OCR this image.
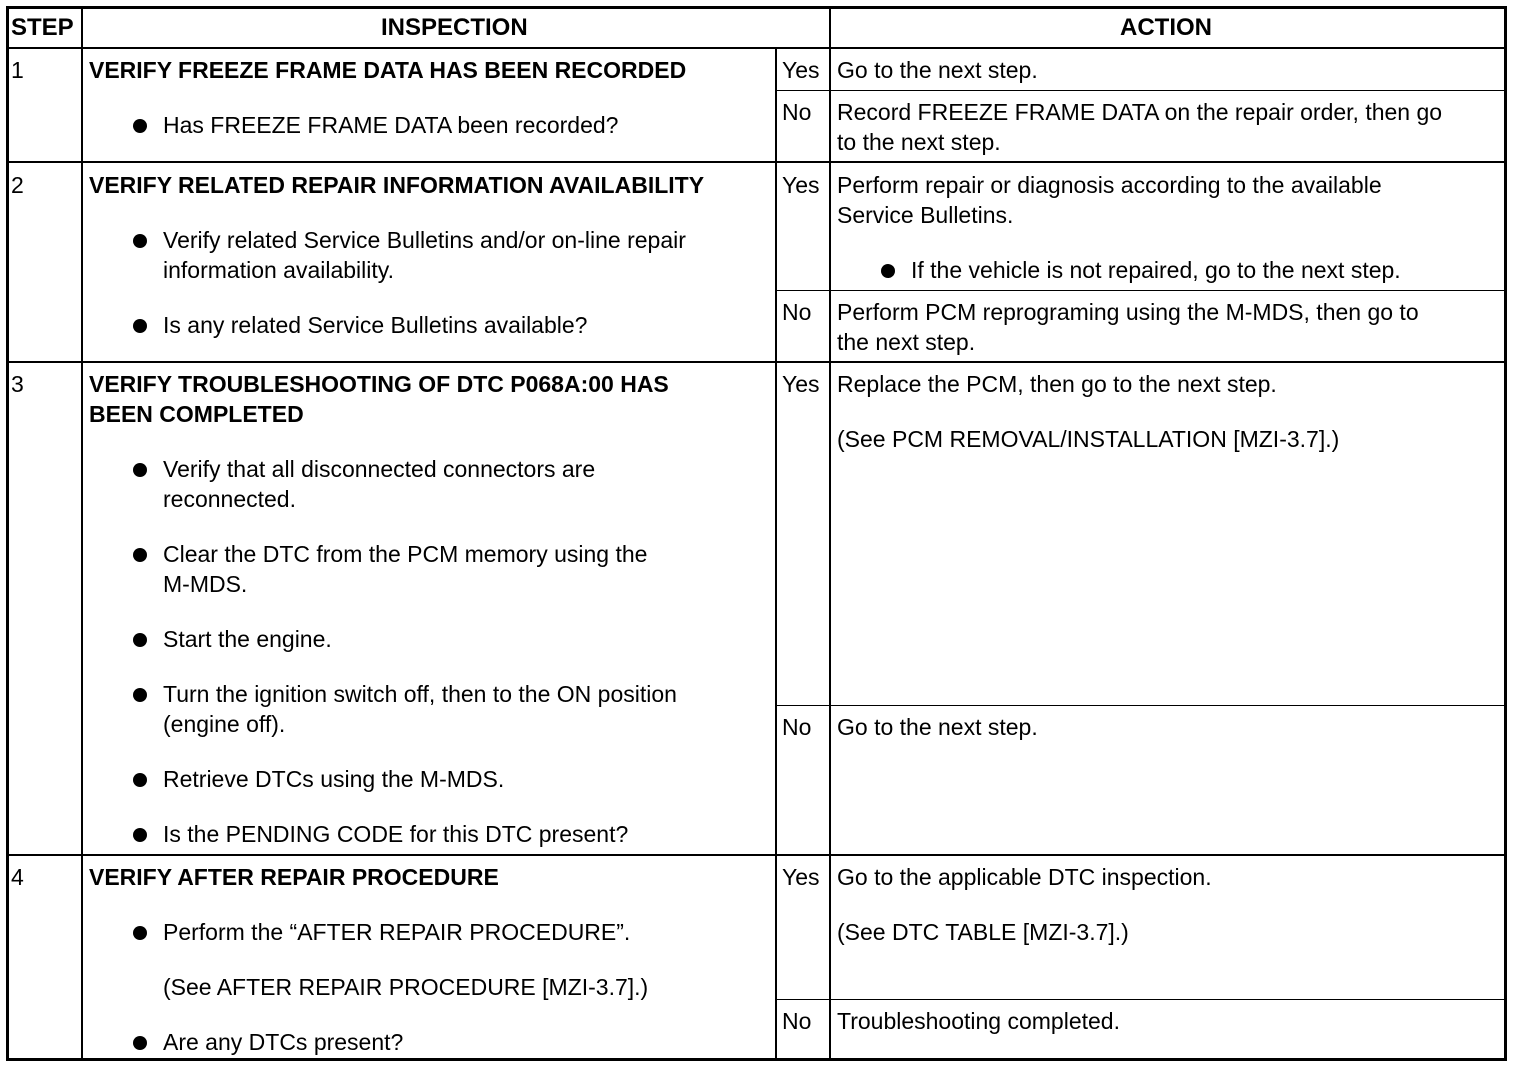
STEP	INSPECTION	ACTION
1	VERIFY FREEZE FRAME DATA HAS BEEN RECORDED
Has FREEZE FRAME DATA been recorded?
Yes Go to the next step.
No Record FREEZE FRAME DATA on the repair order, then go
to the next step.
2	VERIFY RELATED REPAIR INFORMATION AVAILABILITY
Verify related Service Bulletins and/or on-line repair
information availability.
Is any related Service Bulletins available?
Yes Perform repair or diagnosis according to the available
Service Bulletins.
If the vehicle is not repaired, go to the next step.
No Perform PCM reprograming using the M-MDS, then go to
the next step.
3	VERIFY TROUBLESHOOTING OF DTC P068A:00 HAS
BEEN COMPLETED
Verify that all disconnected connectors are
reconnected.
Clear the DTC from the PCM memory using the
M-MDS.
Start the engine.
Turn the ignition switch off, then to the ON position
(engine off).
Retrieve DTCs using the M-MDS.
Is the PENDING CODE for this DTC present?
Yes Replace the PCM, then go to the next step.
(See PCM REMOVAL/INSTALLATION [MZI-3.7].)
No Go to the next step.
4	VERIFY AFTER REPAIR PROCEDURE
Perform the “AFTER REPAIR PROCEDURE”.
(See AFTER REPAIR PROCEDURE [MZI-3.7].)
Are any DTCs present?
Yes Go to the applicable DTC inspection.
(See DTC TABLE [MZI-3.7].)
No Troubleshooting completed.
